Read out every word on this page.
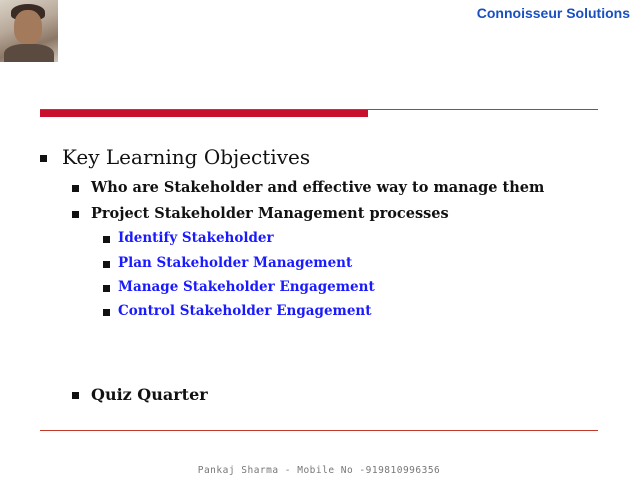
Connoisseur Solutions
Key Learning Objectives
Who are Stakeholder and effective way to manage them
Project Stakeholder Management processes
Identify Stakeholder
Plan Stakeholder Management
Manage Stakeholder Engagement
Control Stakeholder Engagement
Quiz Quarter
Pankaj Sharma - Mobile No -919810996356
